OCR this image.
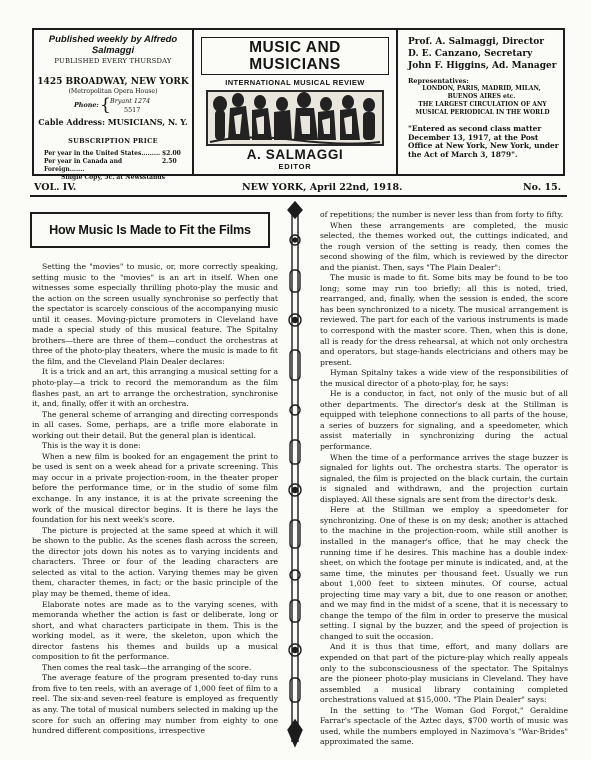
Published weekly by Alfredo Salmaggi
PUBLISHED EVERY THURSDAY
1425 BROADWAY, NEW YORK
(Metropolitan Opera House)
Phone: { Bryant 1274
5517
Cable Address: MUSICIANS, N. Y.
SUBSCRIPTION PRICE
Per year in the United States......... $2.00
Per year in Canada and Foreign.......
2.50
Single Copy, 5c. at Newsstands
MUSIC AND MUSICIANS
INTERNATIONAL MUSICAL REVIEW
A. SALMAGGI
EDITOR
Prof. A. Salmaggi, Director
D. E. Canzano, Secretary
John F. Higgins, Ad. Manager
Representatives:
LONDON, PARIS, MADRID, MILAN,
BUENOS AIRES etc.
THE LARGEST CIRCULATION OF ANY
MUSICAL PERIODICAL IN THE WORLD
"Entered as second class matter December 13, 1917, at the Post Office at New York, New York, under the Act of March 3, 1879".
VOL. IV.	NEW YORK, April 22nd, 1918.	No. 15.
How Music Is Made to Fit the Films

Setting the "movies" to music, or, more correctly speaking, setting music to the "movies" is an art in itself. When one witnesses some especially thrilling photo-play the music and the action on the screen usually synchronise so perfectly that the spectator is scarcely conscious of the accompanying music until it ceases. Moving-picture promoters in Cleveland have made a special study of this musical feature. The Spitalny brothers—there are three of them—conduct the orchestras at three of the photo-play theaters, where the music is made to fit the film, and the Cleveland Plain Dealer declares:

It is a trick and an art, this arranging a musical setting for a photo-play—a trick to record the memorandum as the film flashes past, an art to arrange the orchestration, synchronise it, and, finally, offer it with an orchestra.

The general scheme of arranging and directing corresponds in all cases. Some, perhaps, are a trifle more elaborate in working out their detail. But the general plan is identical.

This is the way it is done:

When a new film is booked for an engagement the print to be used is sent on a week ahead for a private screening. This may occur in a private projection-room, in the theater proper before the performance time, or in the studio of some film exchange. In any instance, it is at the private screening the work of the musical director begins. It is there he lays the foundation for his next week's score.

The picture is projected at the same speed at which it will be shown to the public. As the scenes flash across the screen, the director jots down his notes as to varying incidents and characters. Three or four of the leading characters are selected as vital to the action. Varying themes may be given them, character themes, in fact; or the basic principle of the play may be themed, theme of idea.

Elaborate notes are made as to the varying scenes, with memoranda whether the action is fast or deliberate, long or short, and what characters participate in them. This is the working model, as it were, the skeleton, upon which the director fastens his themes and builds up a musical composition to fit the performance.

Then comes the real task—the arranging of the score.

The average feature of the program presented to-day runs from five to ten reels, with an average of 1,000 feet of film to a reel. The six-and seven-reel feature is employed as frequently as any. The total of musical numbers selected in making up the score for such an offering may number from eighty to one hundred different compositions, irrespective

of repetitions; the number is never less than from forty to fifty.

When these arrangements are completed, the music selected, the themes worked out, the cuttings indicated, and the rough version of the setting is ready, then comes the second showing of the film, which is reviewed by the director and the pianist. Then, says "The Plain Dealer":

The music is made to fit. Some bits may be found to be too long; some may run too briefly; all this is noted, tried, rearranged, and, finally, when the session is ended, the score has been synchronized to a nicety. The musical arrangement is reviewed. The part for each of the various instruments is made to correspond with the master score. Then, when this is done, all is ready for the dress rehearsal, at which not only orchestra and operators, but stage-hands electricians and others may be present.

Hyman Spitalny takes a wide view of the responsibilities of the musical director of a photo-play, for, he says:

He is a conductor, in fact, not only of the music but of all other departments. The director's desk at the Stillman is equipped with telephone connections to all parts of the house, a series of buzzers for signaling, and a speedometer, which assist materially in synchronizing during the actual performance.

When the time of a performance arrives the stage buzzer is signaled for lights out. The orchestra starts. The operator is signaled, the film is projected on the black curtain, the curtain is signaled and withdrawn, and the projection curtain displayed. All these signals are sent from the director's desk.

Here at the Stillman we employ a speedometer for synchronizing. One of these is on my desk; another is attached to the machine in the projection-room, while still another is installed in the manager's office, that he may check the running time if he desires. This machine has a double index-sheet, on which the footage per minute is indicated, and, at the same time, the minutes per thousand feet. Usually we run about 1,000 feet to sixteen minutes. Of course, actual projecting time may vary a bit, due to one reason or another, and we may find in the midst of a scene, that it is necessary to change the tempo of the film in order to preserve the musical setting. I signal by the buzzer, and the speed of projection is changed to suit the occasion.

And it is thus that time, effort, and many dollars are expended on that part of the picture-play which really appeals only to the subconsciousness of the spectator. The Spitalnys are the pioneer photo-play musicians in Cleveland. They have assembled a musical library containing completed orchestrations valued at $15,000. "The Plain Dealer" says:

In the setting to "The Woman God Forgot," Geraldine Farrar's spectacle of the Aztec days, $700 worth of music was used, while the numbers employed in Nazimova's "War-Brides" approximated the same.
